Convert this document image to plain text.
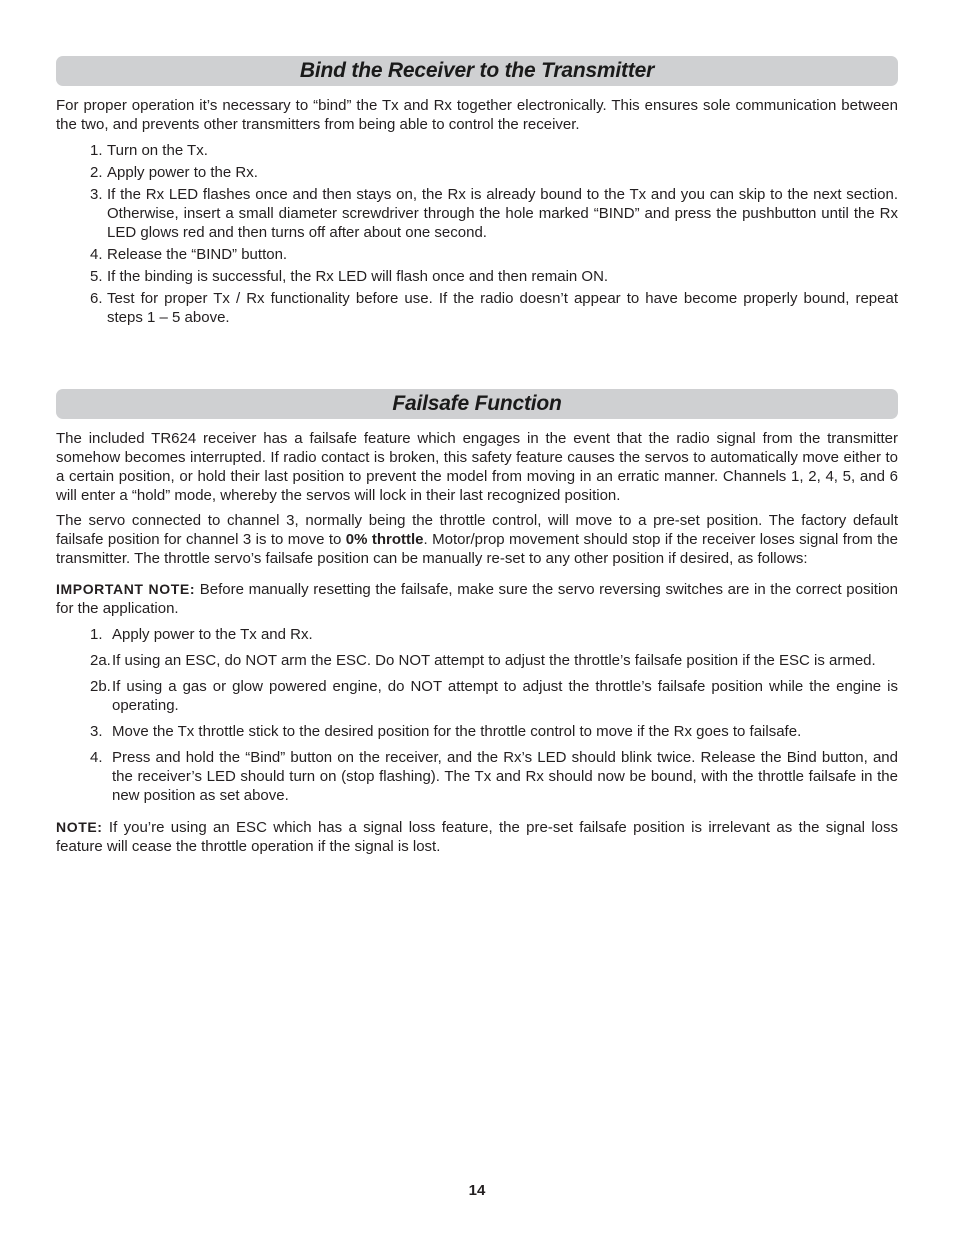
Bind the Receiver to the Transmitter

For proper operation it’s necessary to “bind” the Tx and Rx together electronically. This ensures sole communication between the two, and prevents other transmitters from being able to control the receiver.

1. Turn on the Tx.
2. Apply power to the Rx.
3. If the Rx LED flashes once and then stays on, the Rx is already bound to the Tx and you can skip to the next section. Otherwise, insert a small diameter screwdriver through the hole marked “BIND” and press the pushbutton until the Rx LED glows red and then turns off after about one second.
4. Release the “BIND” button.
5. If the binding is successful, the Rx LED will flash once and then remain ON.
6. Test for proper Tx / Rx functionality before use. If the radio doesn’t appear to have become properly bound, repeat steps 1 – 5 above.
Failsafe Function

The included TR624 receiver has a failsafe feature which engages in the event that the radio signal from the transmitter somehow becomes interrupted. If radio contact is broken, this safety feature causes the servos to automatically move either to a certain position, or hold their last position to prevent the model from moving in an erratic manner. Channels 1, 2, 4, 5, and 6 will enter a “hold” mode, whereby the servos will lock in their last recognized position.

The servo connected to channel 3, normally being the throttle control, will move to a pre-set position. The factory default failsafe position for channel 3 is to move to 0% throttle. Motor/prop movement should stop if the receiver loses signal from the transmitter. The throttle servo’s failsafe position can be manually re-set to any other position if desired, as follows:

IMPORTANT NOTE: Before manually resetting the failsafe, make sure the servo reversing switches are in the correct position for the application.

1. Apply power to the Tx and Rx.
2a. If using an ESC, do NOT arm the ESC. Do NOT attempt to adjust the throttle’s failsafe position if the ESC is armed.
2b. If using a gas or glow powered engine, do NOT attempt to adjust the throttle’s failsafe position while the engine is operating.
3. Move the Tx throttle stick to the desired position for the throttle control to move if the Rx goes to failsafe.
4. Press and hold the “Bind” button on the receiver, and the Rx’s LED should blink twice. Release the Bind button, and the receiver’s LED should turn on (stop flashing). The Tx and Rx should now be bound, with the throttle failsafe in the new position as set above.

NOTE: If you’re using an ESC which has a signal loss feature, the pre-set failsafe position is irrelevant as the signal loss feature will cease the throttle operation if the signal is lost.

14
